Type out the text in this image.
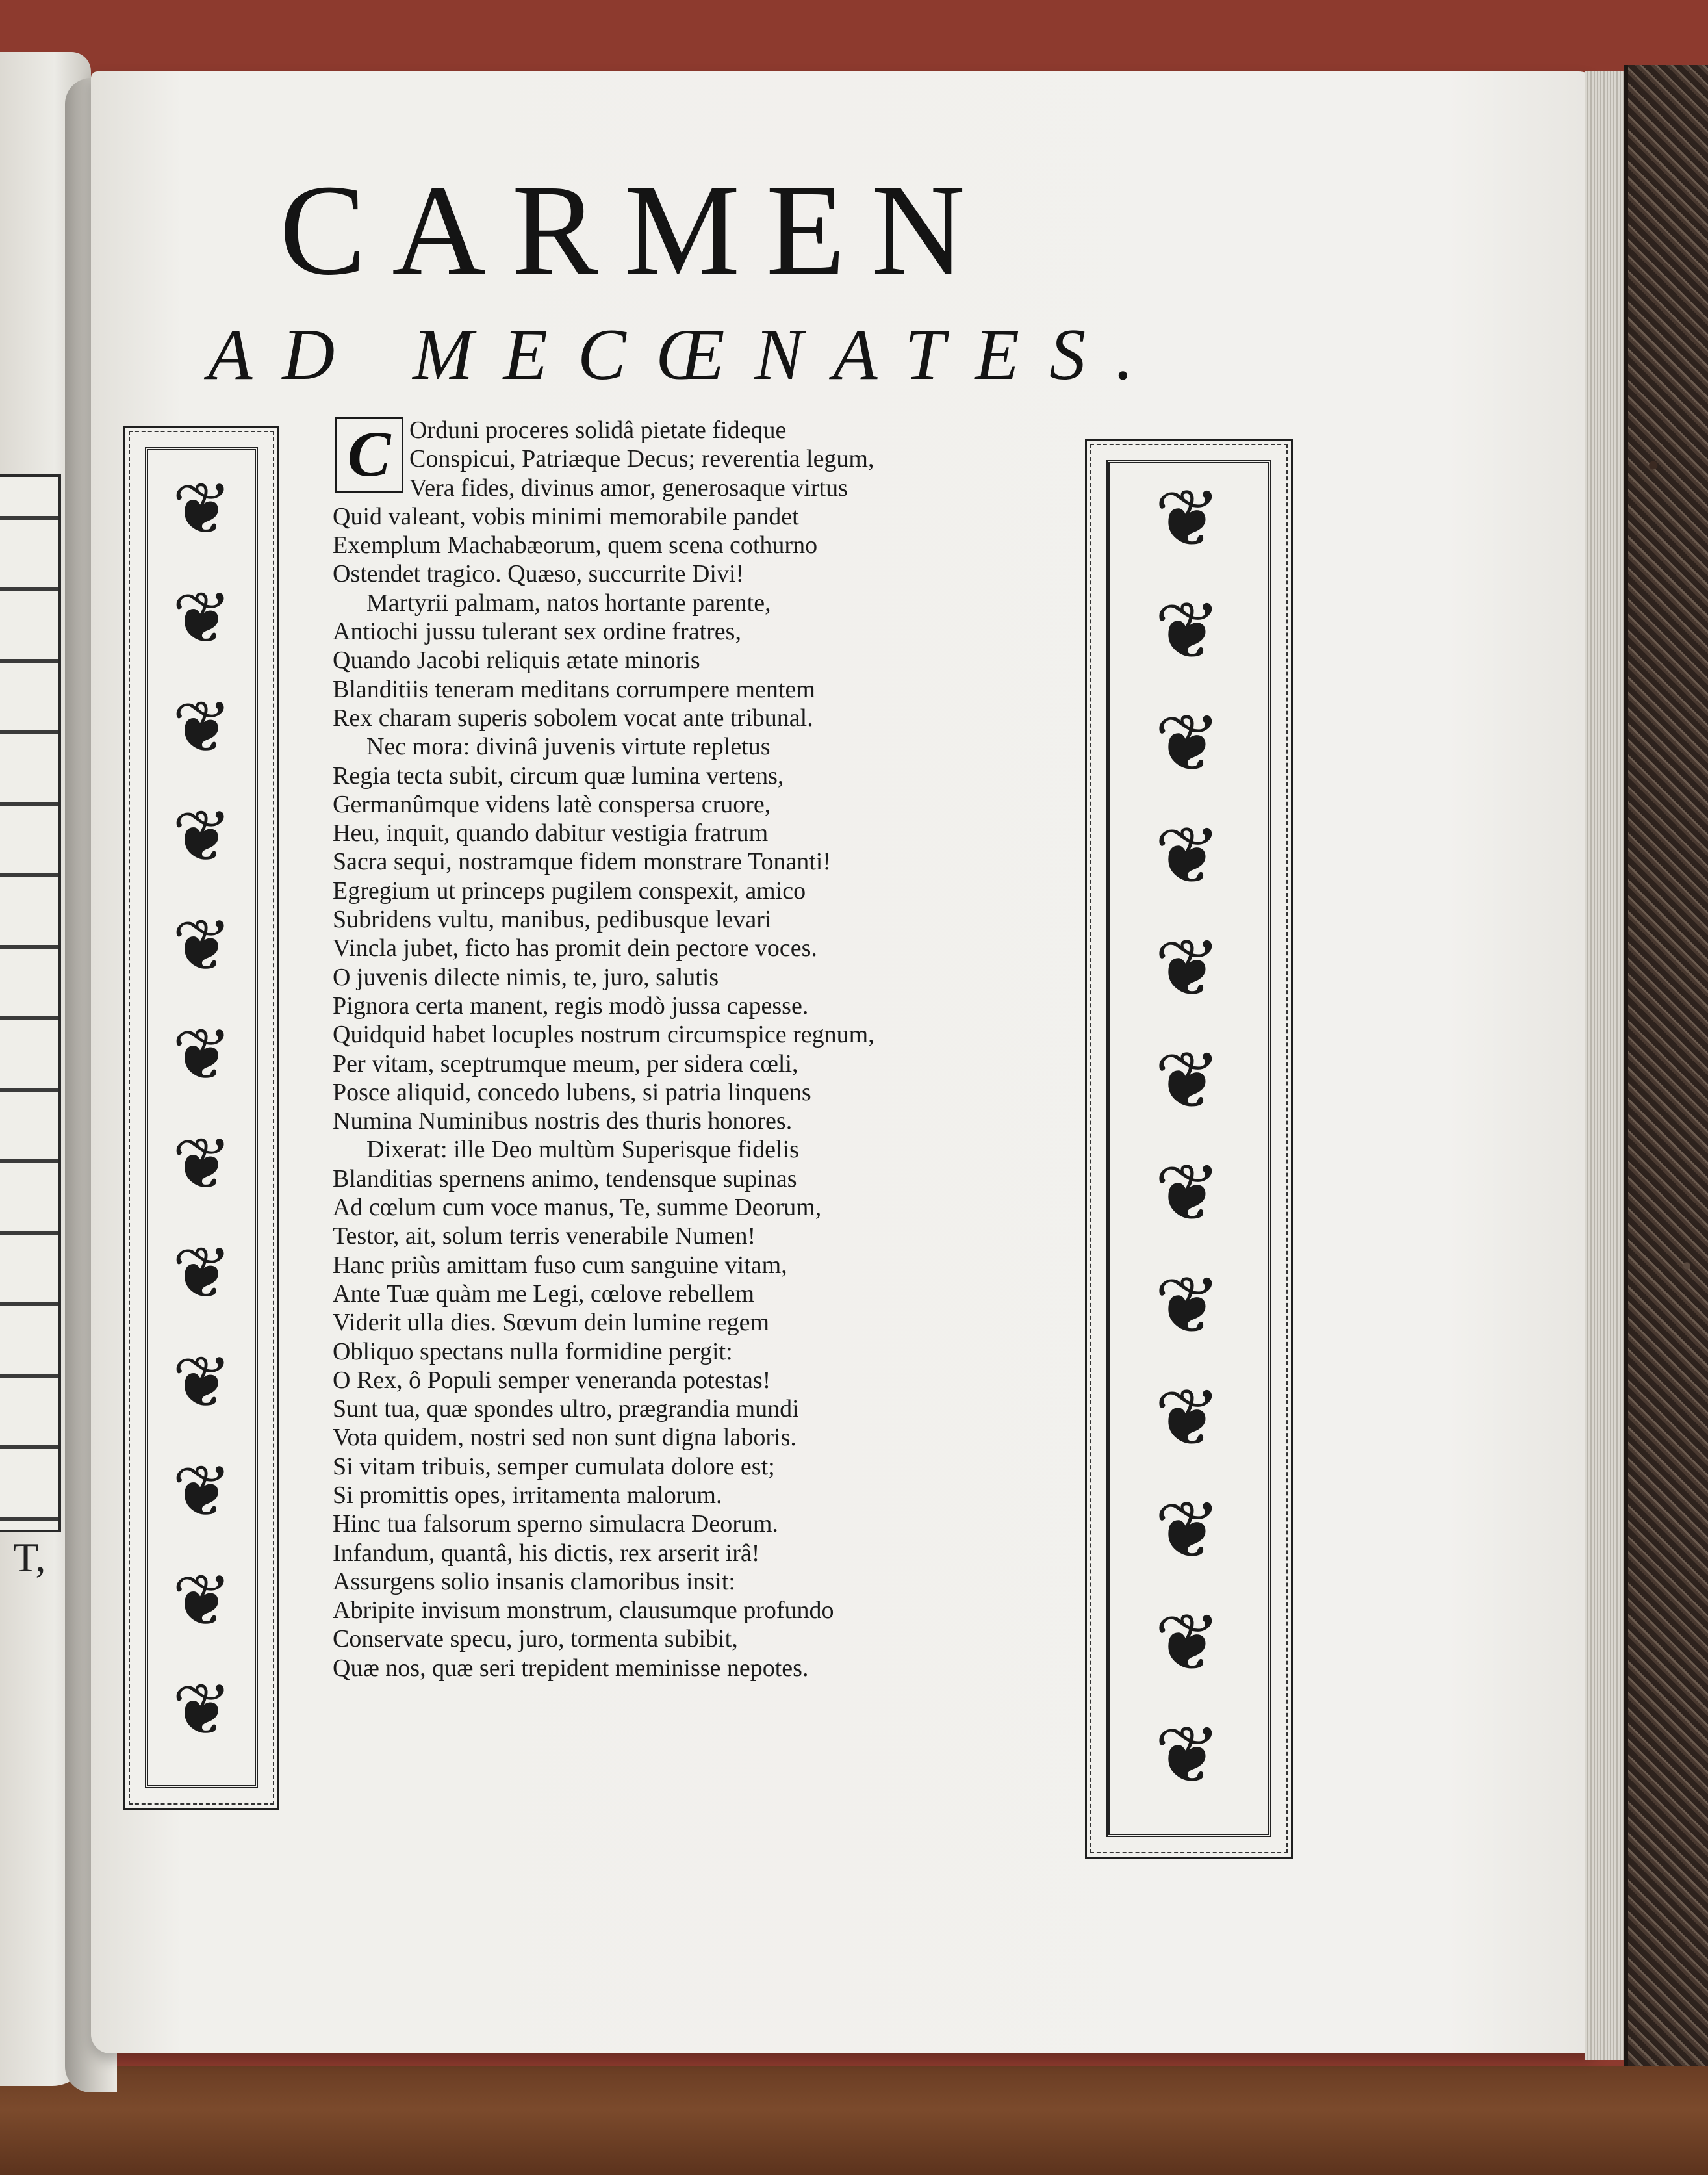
T,
CARMEN
AD MECŒNATES.
❦
❦
❦
❦
❦
❦
❦
❦
❦
❦
❦
❦
❦
❦
❦
❦
❦
❦
❦
❦
❦
❦
❦
❦
C Orduni proceres solidâ pietate fideque
Conspicui, Patriæque Decus; reverentia legum,
Vera fides, divinus amor, generosaque virtus
Quid valeant, vobis minimi memorabile pandet
Exemplum Machabæorum, quem scena cothurno
Ostendet tragico. Quæso, succurrite Divi!
Martyrii palmam, natos hortante parente,
Antiochi jussu tulerant sex ordine fratres,
Quando Jacobi reliquis ætate minoris
Blanditiis teneram meditans corrumpere mentem
Rex charam superis sobolem vocat ante tribunal.
Nec mora: divinâ juvenis virtute repletus
Regia tecta subit, circum quæ lumina vertens,
Germanûmque videns latè conspersa cruore,
Heu, inquit, quando dabitur vestigia fratrum
Sacra sequi, nostramque fidem monstrare Tonanti!
Egregium ut princeps pugilem conspexit, amico
Subridens vultu, manibus, pedibusque levari
Vincla jubet, ficto has promit dein pectore voces.
O juvenis dilecte nimis, te, juro, salutis
Pignora certa manent, regis modò jussa capesse.
Quidquid habet locuples nostrum circumspice regnum,
Per vitam, sceptrumque meum, per sidera cœli,
Posce aliquid, concedo lubens, si patria linquens
Numina Numinibus nostris des thuris honores.
Dixerat: ille Deo multùm Superisque fidelis
Blanditias spernens animo, tendensque supinas
Ad cœlum cum voce manus, Te, summe Deorum,
Testor, ait, solum terris venerabile Numen!
Hanc priùs amittam fuso cum sanguine vitam,
Ante Tuæ quàm me Legi, cœlove rebellem
Viderit ulla dies. Sœvum dein lumine regem
Obliquo spectans nulla formidine pergit:
O Rex, ô Populi semper veneranda potestas!
Sunt tua, quæ spondes ultro, prægrandia mundi
Vota quidem, nostri sed non sunt digna laboris.
Si vitam tribuis, semper cumulata dolore est;
Si promittis opes, irritamenta malorum.
Hinc tua falsorum sperno simulacra Deorum.
Infandum, quantâ, his dictis, rex arserit irâ!
Assurgens solio insanis clamoribus insit:
Abripite invisum monstrum, clausumque profundo
Conservate specu, juro, tormenta subibit,
Quæ nos, quæ seri trepident meminisse nepotes.
